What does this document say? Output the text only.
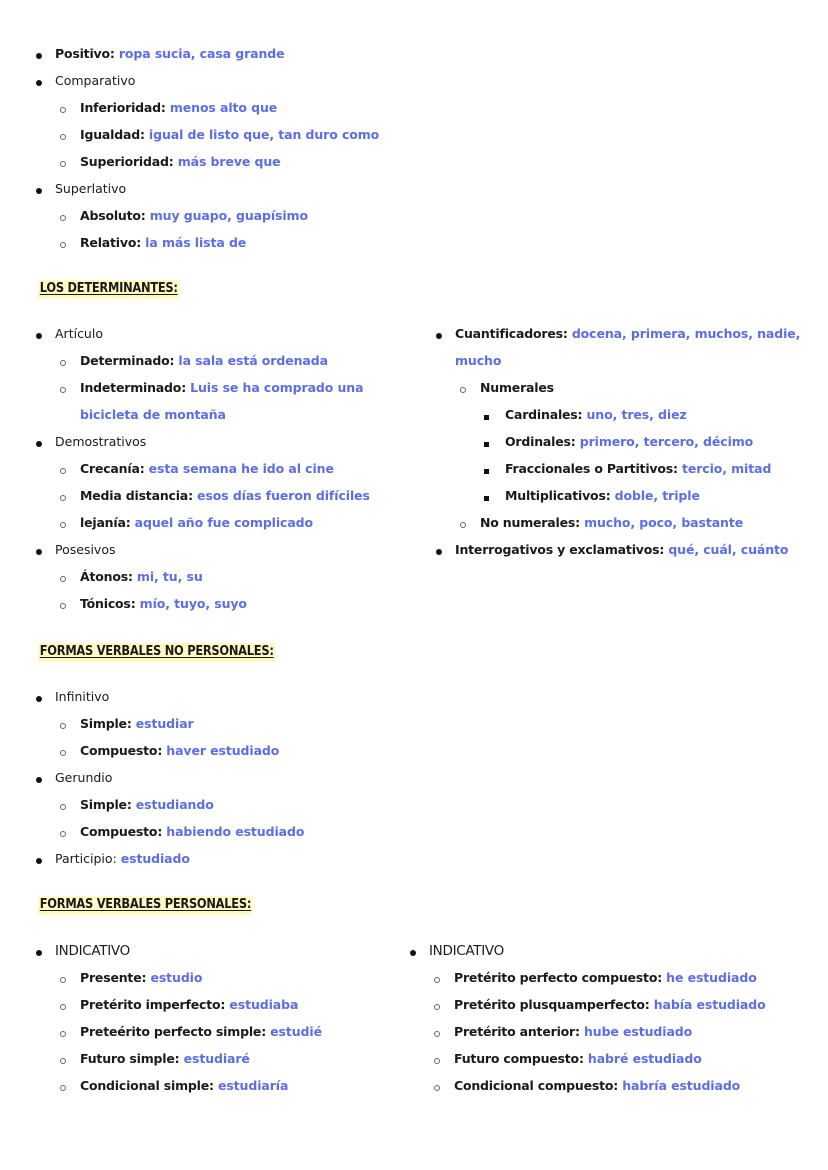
Positivo: ropa sucia, casa grande
Comparativo
Inferioridad: menos alto que
Igualdad: igual de listo que, tan duro como
Superioridad: más breve que
Superlativo
Absoluto: muy guapo, guapísimo
Relativo: la más lista de
LOS DETERMINANTES:
Artículo
Determinado: la sala está ordenada
Indeterminado: Luis se ha comprado una
bicicleta de montaña
Demostrativos
Crecanía: esta semana he ido al cine
Media distancia: esos días fueron difíciles
lejanía: aquel año fue complicado
Posesivos
Átonos: mi, tu, su
Tónicos: mío, tuyo, suyo
Cuantificadores: docena, primera, muchos, nadie,
mucho
Numerales
Cardinales: uno, tres, diez
Ordinales: primero, tercero, décimo
Fraccionales o Partitivos: tercio, mitad
Multiplicativos: doble, triple
No numerales: mucho, poco, bastante
Interrogativos y exclamativos: qué, cuál, cuánto
FORMAS VERBALES NO PERSONALES:
Infinitivo
Simple: estudiar
Compuesto: haver estudiado
Gerundio
Simple: estudiando
Compuesto: habiendo estudiado
Participio: estudiado
FORMAS VERBALES PERSONALES:
INDICATIVO
Presente: estudio
Pretérito imperfecto: estudiaba
Preteérito perfecto simple: estudié
Futuro simple: estudiaré
Condicional simple: estudiaría
INDICATIVO
Pretérito perfecto compuesto: he estudiado
Pretérito plusquamperfecto: había estudiado
Pretérito anterior: hube estudiado
Futuro compuesto: habré estudiado
Condicional compuesto: habría estudiado
